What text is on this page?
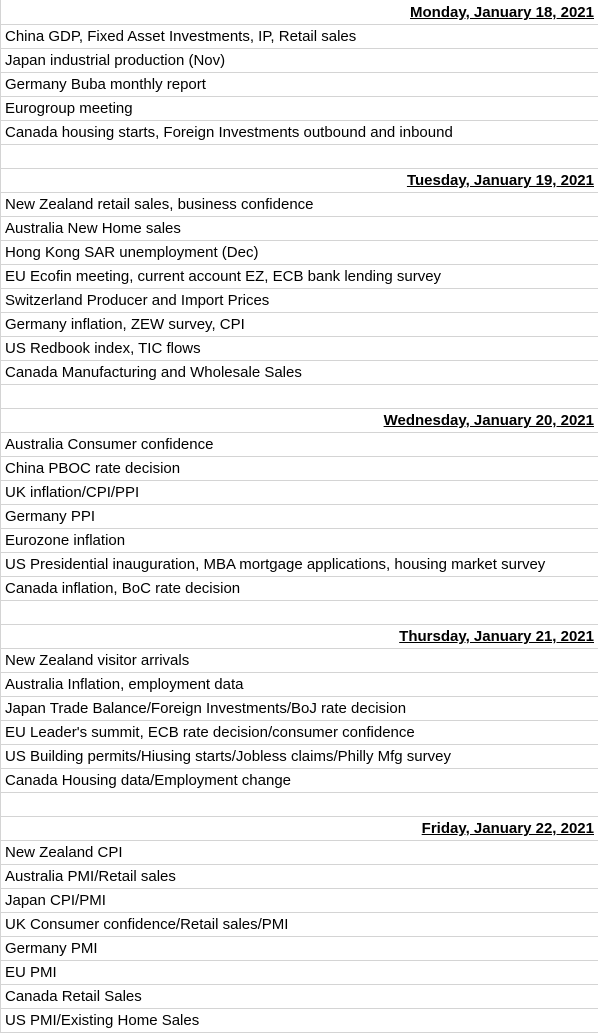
Monday, January 18, 2021
China GDP, Fixed Asset Investments, IP, Retail sales
Japan industrial production (Nov)
Germany Buba monthly report
Eurogroup meeting
Canada housing starts, Foreign Investments outbound and inbound
Tuesday, January 19, 2021
New Zealand retail sales, business confidence
Australia New Home sales
Hong Kong SAR unemployment (Dec)
EU Ecofin meeting, current account EZ, ECB bank lending survey
Switzerland Producer and Import Prices
Germany inflation, ZEW survey, CPI
US Redbook index, TIC flows
Canada Manufacturing and Wholesale Sales
Wednesday, January 20, 2021
Australia Consumer confidence
China PBOC rate decision
UK inflation/CPI/PPI
Germany PPI
Eurozone inflation
US Presidential inauguration, MBA mortgage applications, housing market survey
Canada inflation, BoC rate decision
Thursday, January 21, 2021
New Zealand visitor arrivals
Australia Inflation, employment data
Japan Trade Balance/Foreign Investments/BoJ rate decision
EU Leader's summit, ECB rate decision/consumer confidence
US Building permits/Hiusing starts/Jobless claims/Philly Mfg survey
Canada Housing data/Employment change
Friday, January 22, 2021
New Zealand CPI
Australia PMI/Retail sales
Japan CPI/PMI
UK Consumer confidence/Retail sales/PMI
Germany PMI
EU PMI
Canada Retail Sales
US PMI/Existing Home Sales
